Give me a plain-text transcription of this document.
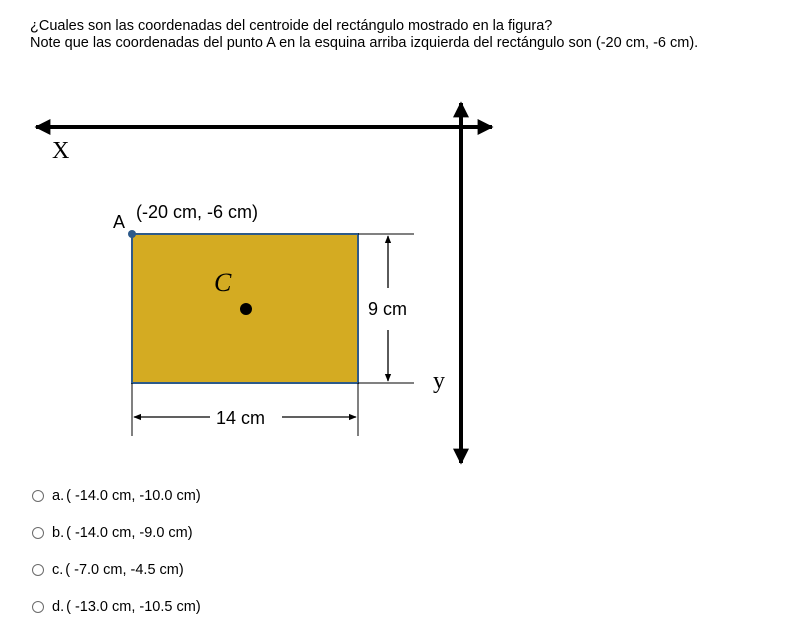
¿Cuales son las coordenadas del centroide del rectángulo mostrado en la figura?
Note que las coordenadas del punto A en la esquina arriba izquierda del rectángulo son (-20 cm, -6 cm).
X
y
A (-20 cm, -6 cm)
C
9 cm
14 cm
a. ( -14.0 cm, -10.0 cm)
b. ( -14.0 cm, -9.0 cm)
c. ( -7.0 cm, -4.5 cm)
d. ( -13.0 cm, -10.5 cm)
